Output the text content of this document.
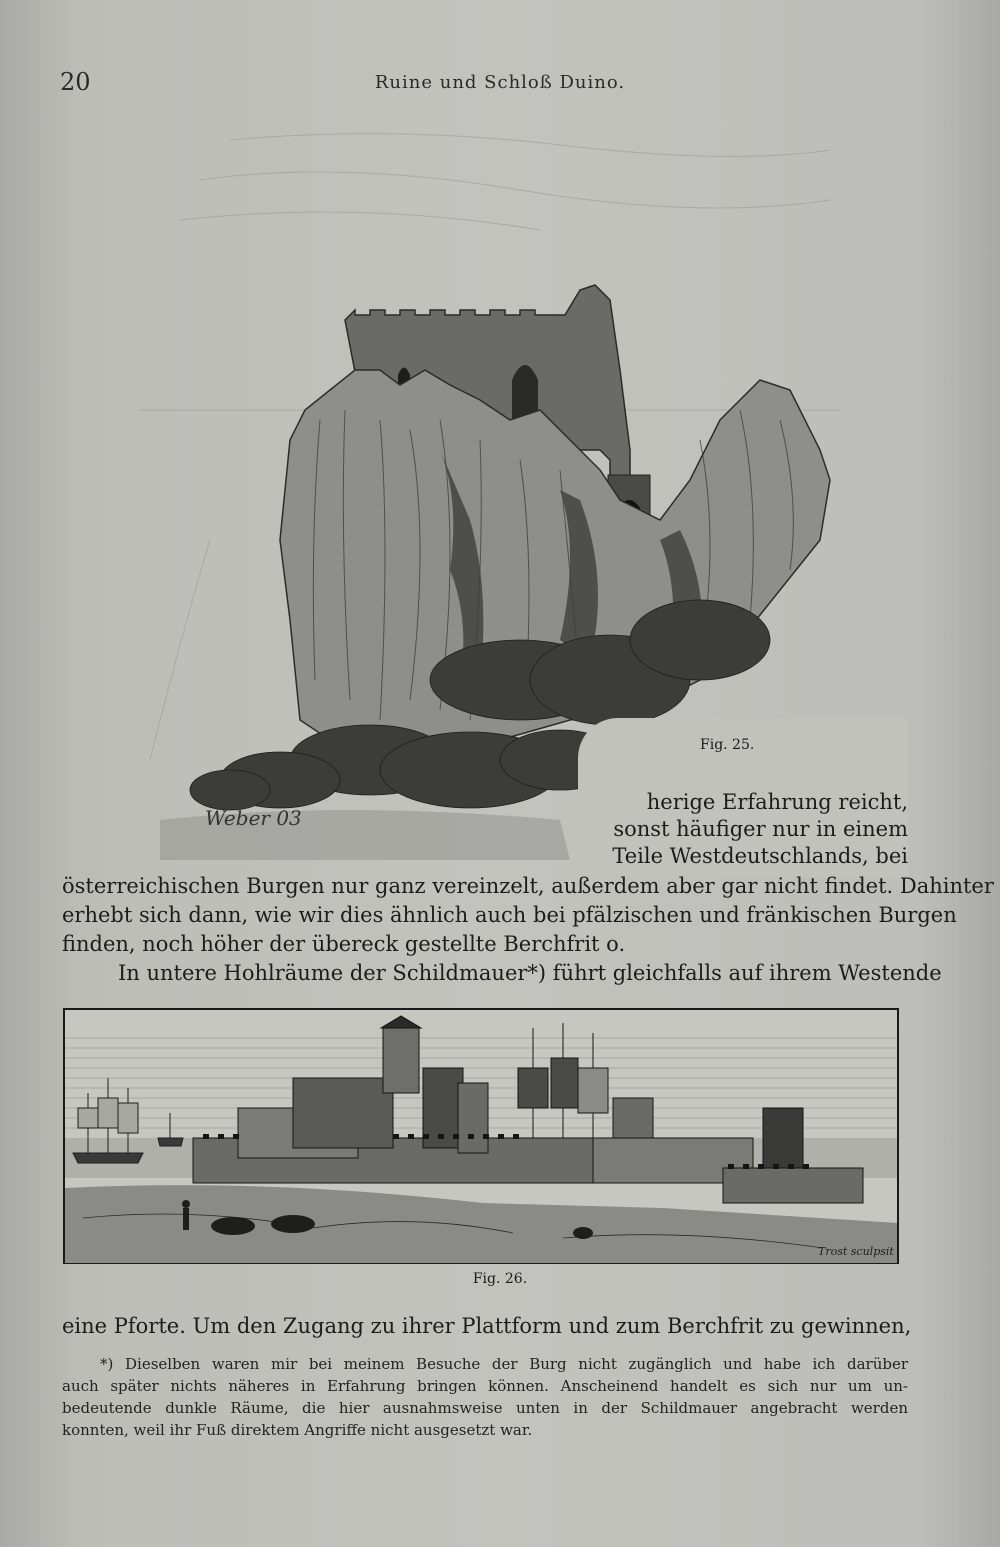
20	Ruine und Schloß Duino.
Weber 03
Fig. 25.
herige Erfahrung reicht,
sonst häufiger nur in einem
Teile Westdeutschlands, bei
österreichischen Burgen nur ganz vereinzelt, außerdem aber gar nicht findet. Dahinter
erhebt sich dann, wie wir dies ähnlich auch bei pfälzischen und fränkischen Burgen
finden, noch höher der übereck gestellte Berchfrit o.
In untere Hohlräume der Schildmauer*) führt gleichfalls auf ihrem Westende
Trost sculpsit
Fig. 26.
eine Pforte. Um den Zugang zu ihrer Plattform und zum Berchfrit zu gewinnen,
*) Dieselben waren mir bei meinem Besuche der Burg nicht zugänglich und habe ich darüber
auch später nichts näheres in Erfahrung bringen können. Anscheinend handelt es sich nur um un-
bedeutende dunkle Räume, die hier ausnahmsweise unten in der Schildmauer angebracht werden
konnten, weil ihr Fuß direktem Angriffe nicht ausgesetzt war.
